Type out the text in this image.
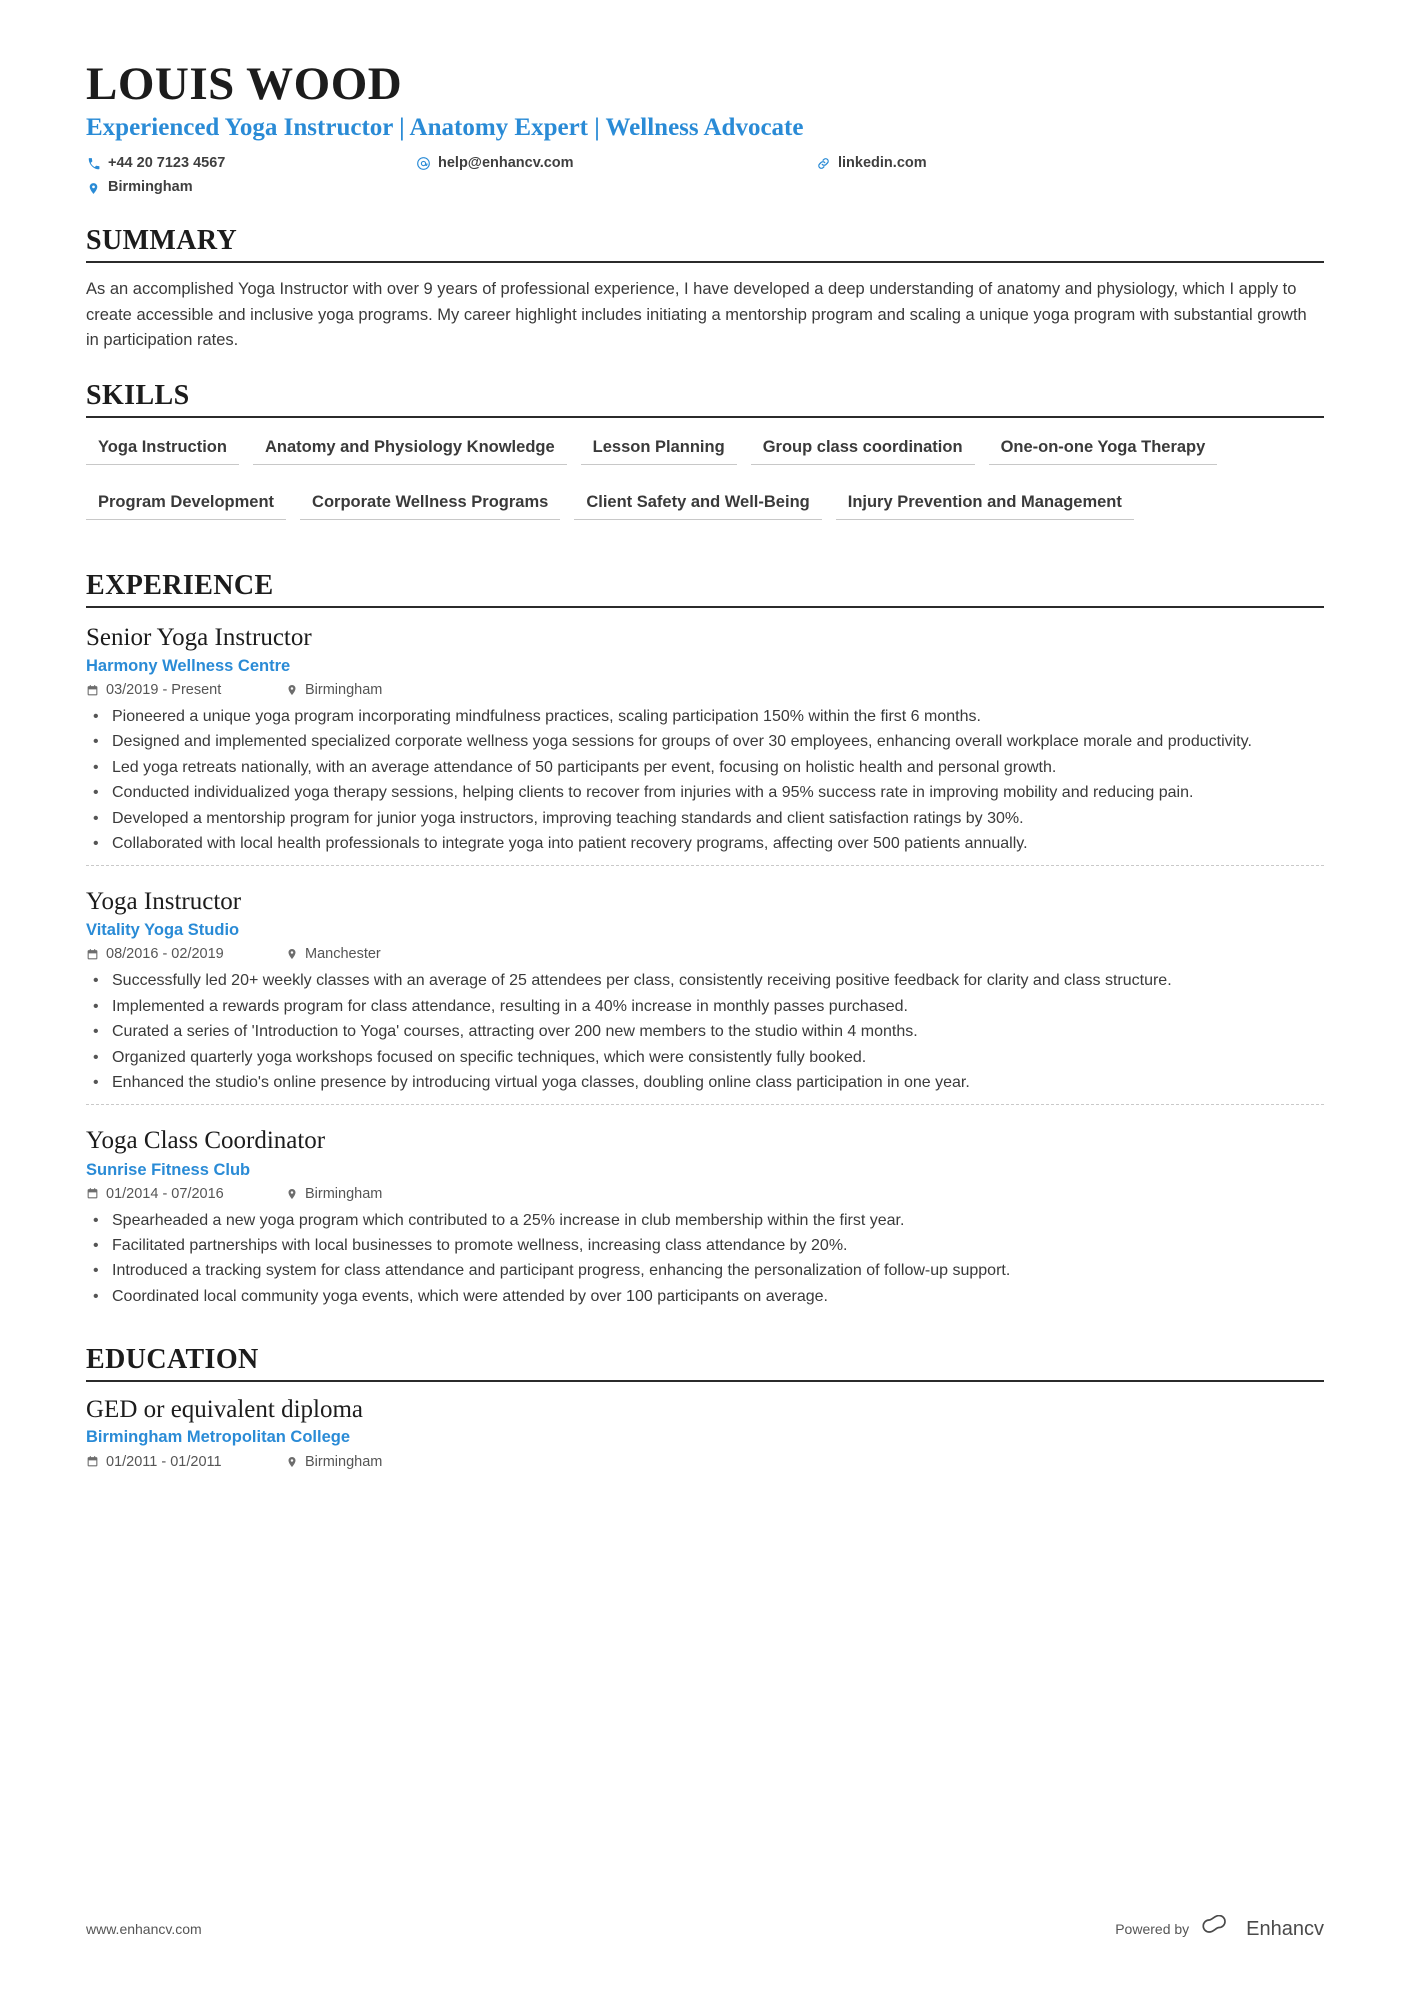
LOUIS WOOD
Experienced Yoga Instructor | Anatomy Expert | Wellness Advocate
+44 20 7123 4567	help@enhancv.com	linkedin.com
Birmingham
SUMMARY

As an accomplished Yoga Instructor with over 9 years of professional experience, I have developed a deep understanding of anatomy and physiology, which I apply to create accessible and inclusive yoga programs. My career highlight includes initiating a mentorship program and scaling a unique yoga program with substantial growth in participation rates.

SKILLS
Yoga Instruction	Anatomy and Physiology Knowledge	Lesson Planning	Group class coordination	One-on-one Yoga Therapy
Program Development	Corporate Wellness Programs	Client Safety and Well-Being	Injury Prevention and Management
EXPERIENCE
Senior Yoga Instructor
Harmony Wellness Centre
03/2019 - Present	Birmingham
• Pioneered a unique yoga program incorporating mindfulness practices, scaling participation 150% within the first 6 months.
• Designed and implemented specialized corporate wellness yoga sessions for groups of over 30 employees, enhancing overall workplace morale and productivity.
• Led yoga retreats nationally, with an average attendance of 50 participants per event, focusing on holistic health and personal growth.
• Conducted individualized yoga therapy sessions, helping clients to recover from injuries with a 95% success rate in improving mobility and reducing pain.
• Developed a mentorship program for junior yoga instructors, improving teaching standards and client satisfaction ratings by 30%.
• Collaborated with local health professionals to integrate yoga into patient recovery programs, affecting over 500 patients annually.
Yoga Instructor
Vitality Yoga Studio
08/2016 - 02/2019	Manchester
• Successfully led 20+ weekly classes with an average of 25 attendees per class, consistently receiving positive feedback for clarity and class structure.
• Implemented a rewards program for class attendance, resulting in a 40% increase in monthly passes purchased.
• Curated a series of 'Introduction to Yoga' courses, attracting over 200 new members to the studio within 4 months.
• Organized quarterly yoga workshops focused on specific techniques, which were consistently fully booked.
• Enhanced the studio's online presence by introducing virtual yoga classes, doubling online class participation in one year.
Yoga Class Coordinator
Sunrise Fitness Club
01/2014 - 07/2016	Birmingham
• Spearheaded a new yoga program which contributed to a 25% increase in club membership within the first year.
• Facilitated partnerships with local businesses to promote wellness, increasing class attendance by 20%.
• Introduced a tracking system for class attendance and participant progress, enhancing the personalization of follow-up support.
• Coordinated local community yoga events, which were attended by over 100 participants on average.
EDUCATION
GED or equivalent diploma
Birmingham Metropolitan College
01/2011 - 01/2011	Birmingham
www.enhancv.com	Powered by	Enhancv
